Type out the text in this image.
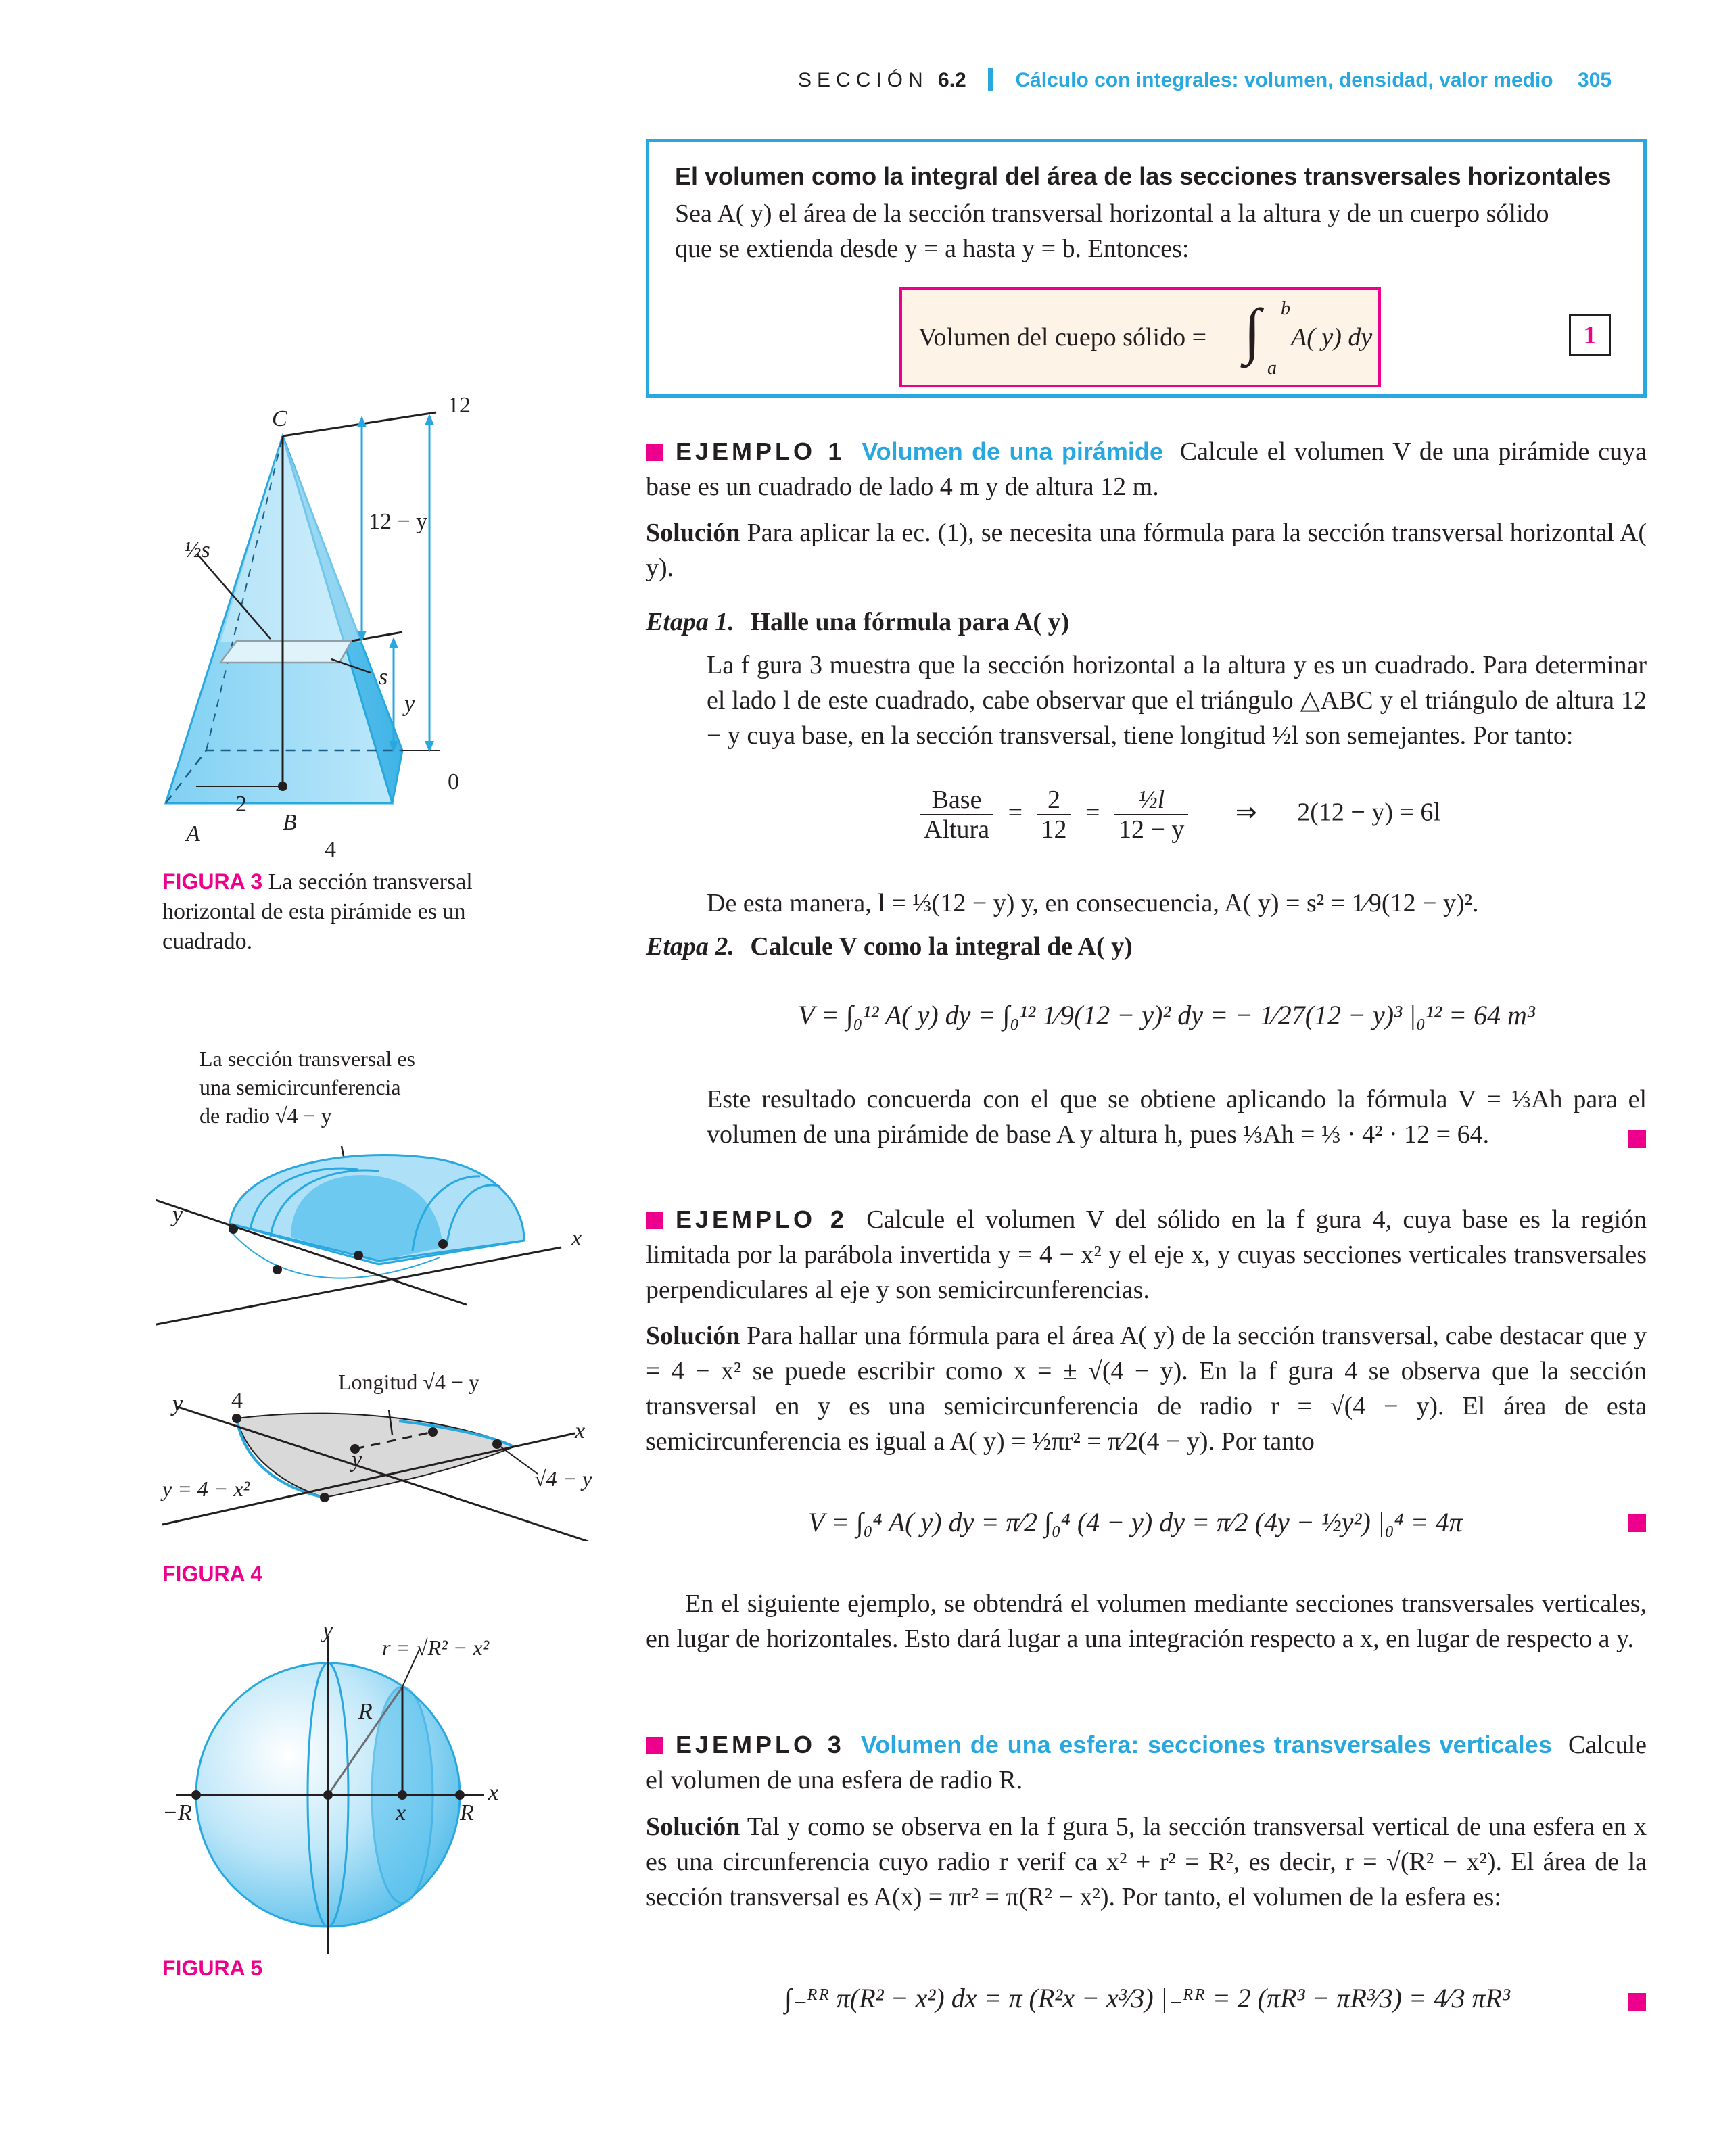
SECCIÓN 6.2 Cálculo con integrales: volumen, densidad, valor medio 305
El volumen como la integral del área de las secciones transversales horizontales
Sea A( y) el área de la sección transversal horizontal a la altura y de un cuerpo sólido
que se extienda desde y = a hasta y = b. Entonces:
Volumen del cuepo sólido = ∫ b
a
A( y) dy	1
EJEMPLO 1 Volumen de una pirámide Calcule el volumen V de una pirámide cuya base es un cuadrado de lado 4 m y de altura 12 m.
Solución Para aplicar la ec. (1), se necesita una fórmula para la sección transversal horizontal A( y).
Etapa 1. Halle una fórmula para A( y)
La f gura 3 muestra que la sección horizontal a la altura y es un cuadrado. Para determinar el lado l de este cuadrado, cabe observar que el triángulo △ABC y el triángulo de altura 12 − y cuya base, en la sección transversal, tiene longitud ½l son semejantes. Por tanto:
$\frac{\text{Base}}{\text{Altura}} = \frac{2}{12} = \frac{\text{½l}}{12 - y}$ ⇒ 2(12 − y) = 6l
De esta manera, l = ⅓(12 − y) y, en consecuencia, A( y) = s² = 1⁄9(12 − y)².
Etapa 2. Calcule V como la integral de A( y)
V = ∫₀¹² A( y) dy = ∫₀¹² 1⁄9(12 − y)² dy = − 1⁄27(12 − y)³ |₀¹² = 64 m³
Este resultado concuerda con el que se obtiene aplicando la fórmula V = ⅓Ah para el volumen de una pirámide de base A y altura h, pues ⅓Ah = ⅓ · 4² · 12 = 64.
EJEMPLO 2 Calcule el volumen V del sólido en la f gura 4, cuya base es la región limitada por la parábola invertida y = 4 − x² y el eje x, y cuyas secciones verticales transversales perpendiculares al eje y son semicircunferencias.
Solución Para hallar una fórmula para el área A( y) de la sección transversal, cabe destacar que y = 4 − x² se puede escribir como x = ± √(4 − y). En la f gura 4 se observa que la sección transversal en y es una semicircunferencia de radio r = √(4 − y). El área de esta semicircunferencia es igual a A( y) = ½πr² = π⁄2(4 − y). Por tanto
V = ∫₀⁴ A( y) dy = π⁄2 ∫₀⁴ (4 − y) dy = π⁄2 (4y − ½y²) |₀⁴ = 4π
En el siguiente ejemplo, se obtendrá el volumen mediante secciones transversales verticales, en lugar de horizontales. Esto dará lugar a una integración respecto a x, en lugar de respecto a y.
EJEMPLO 3 Volumen de una esfera: secciones transversales verticales Calcule el volumen de una esfera de radio R.
Solución Tal y como se observa en la f gura 5, la sección transversal vertical de una esfera en x es una circunferencia cuyo radio r verif ca x² + r² = R², es decir, r = √(R² − x²). El área de la sección transversal es A(x) = πr² = π(R² − x²). Por tanto, el volumen de la esfera es:
∫₋ᴿᴿ π(R² − x²) dx = π (R²x − x³⁄3) |₋ᴿᴿ = 2 (πR³ − πR³⁄3) = 4⁄3 πR³
C
12
12 − y
½s
s
y
0
2
A	B
4
FIGURA 3 La sección transversal horizontal de esta pirámide es un cuadrado.
La sección transversal es
una semicircunferencia
de radio √4 − y
y
x
Longitud √4 − y
y 4
x
y
y = 4 − x²	√4 − y
FIGURA 4
y
r = √R² − x²
R
−R	x R
x
FIGURA 5
